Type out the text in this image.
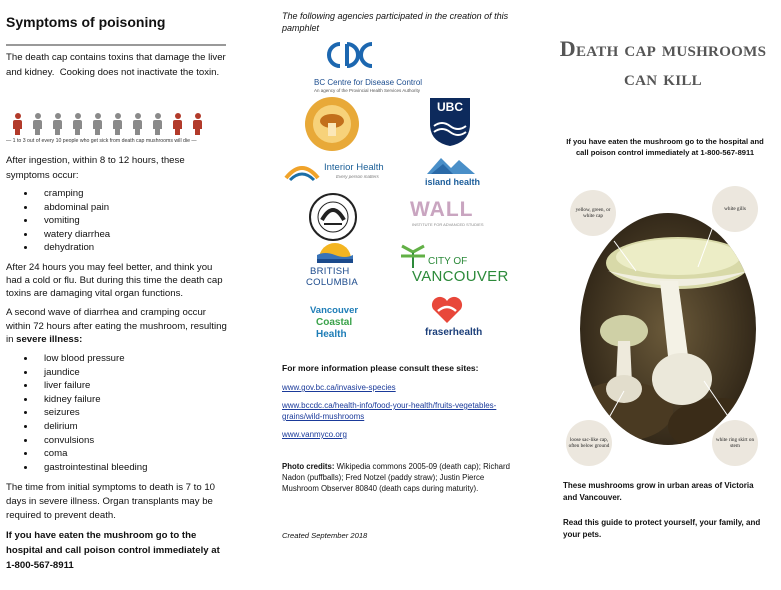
Symptoms of poisoning
The death cap contains toxins that damage the liver and kidney. Cooking does not inactivate the toxin.
— 1 to 3 out of every 10 people who get sick from death cap mushrooms will die —
After ingestion, within 8 to 12 hours, these symptoms occur:
• cramping
• abdominal pain
• vomiting
• watery diarrhea
• dehydration
After 24 hours you may feel better, and think you had a cold or flu. But during this time the death cap toxins are damaging vital organ functions.
A second wave of diarrhea and cramping occur within 72 hours after eating the mushroom, resulting in severe illness:
• low blood pressure
• jaundice
• liver failure
• kidney failure
• seizures
• delirium
• convulsions
• coma
• gastrointestinal bleeding
The time from initial symptoms to death is 7 to 10 days in severe illness. Organ transplants may be required to prevent death.
If you have eaten the mushroom go to the hospital and call poison control immediately at 1-800-567-8911
The following agencies participated in the creation of this pamphlet
BC Centre for Disease Control
An agency of the Provincial Health Services Authority
UBC
Interior Health
Every person matters
island health
WALL
INSTITUTE FOR ADVANCED STUDIES
BRITISH
COLUMBIA
CITY OF
VANCOUVER
Vancouver
Coastal
Health	fraserhealth
For more information please consult these sites:
www.gov.bc.ca/invasive-species
www.bccdc.ca/health-info/food-your-health/fruits-vegetables-grains/wild-mushrooms
www.vanmyco.org
Photo credits: Wikipedia commons 2005-09 (death cap); Richard Nadon (puffballs); Fred Notzel (paddy straw); Justin Pierce Mushroom Observer 80840 (death caps during maturity).
Created September 2018
Death cap mushrooms can kill
If you have eaten the mushroom go to the hospital and call poison control immediately at 1-800-567-8911
yellow, green, or white cap
white gills
loose sac-like cap, often below ground
white ring skirt on stem
These mushrooms grow in urban areas of Victoria and Vancouver.
Read this guide to protect yourself, your family, and your pets.
